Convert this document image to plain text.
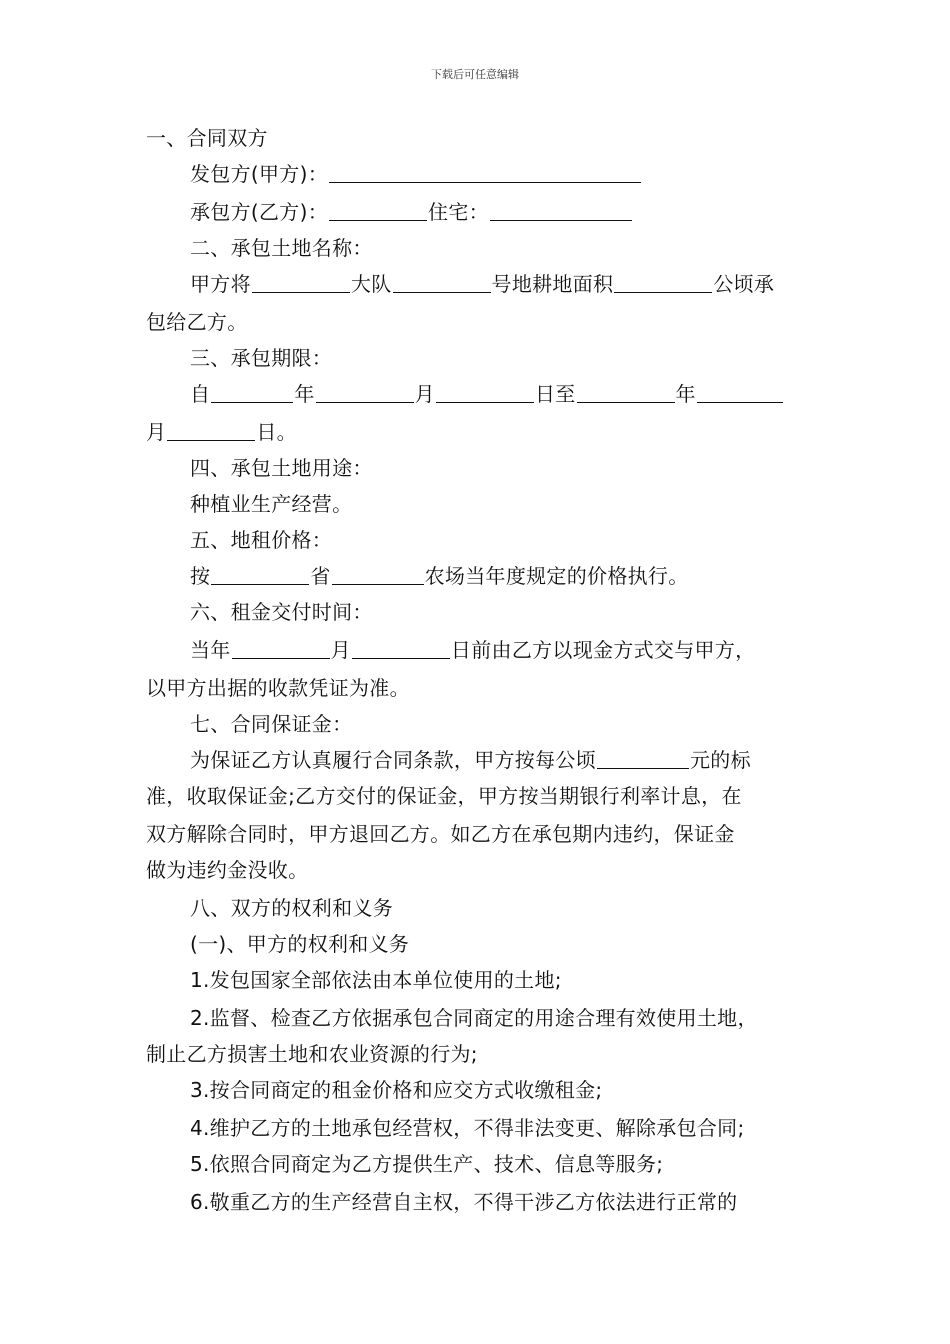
下载后可任意编辑
一、合同双方
发包方(甲方)：
承包方(乙方)：	住宅：
二、承包土地名称：
甲方将	大队	号地耕地面积	公顷承
包给乙方。
三、承包期限：
自	年	月	日至	年
月	日。
四、承包土地用途：
种植业生产经营。
五、地租价格：
按	省	农场当年度规定的价格执行。
六、租金交付时间：
当年	月	日前由乙方以现金方式交与甲方，
以甲方出据的收款凭证为准。
七、合同保证金：
为保证乙方认真履行合同条款，甲方按每公顷	元的标
准，收取保证金;乙方交付的保证金，甲方按当期银行利率计息，在
双方解除合同时，甲方退回乙方。如乙方在承包期内违约，保证金
做为违约金没收。
八、双方的权利和义务
(一)、甲方的权利和义务
1.发包国家全部依法由本单位使用的土地;
2.监督、检查乙方依据承包合同商定的用途合理有效使用土地，
制止乙方损害土地和农业资源的行为;
3.按合同商定的租金价格和应交方式收缴租金;
4.维护乙方的土地承包经营权，不得非法变更、解除承包合同;
5.依照合同商定为乙方提供生产、技术、信息等服务;
6.敬重乙方的生产经营自主权，不得干涉乙方依法进行正常的
